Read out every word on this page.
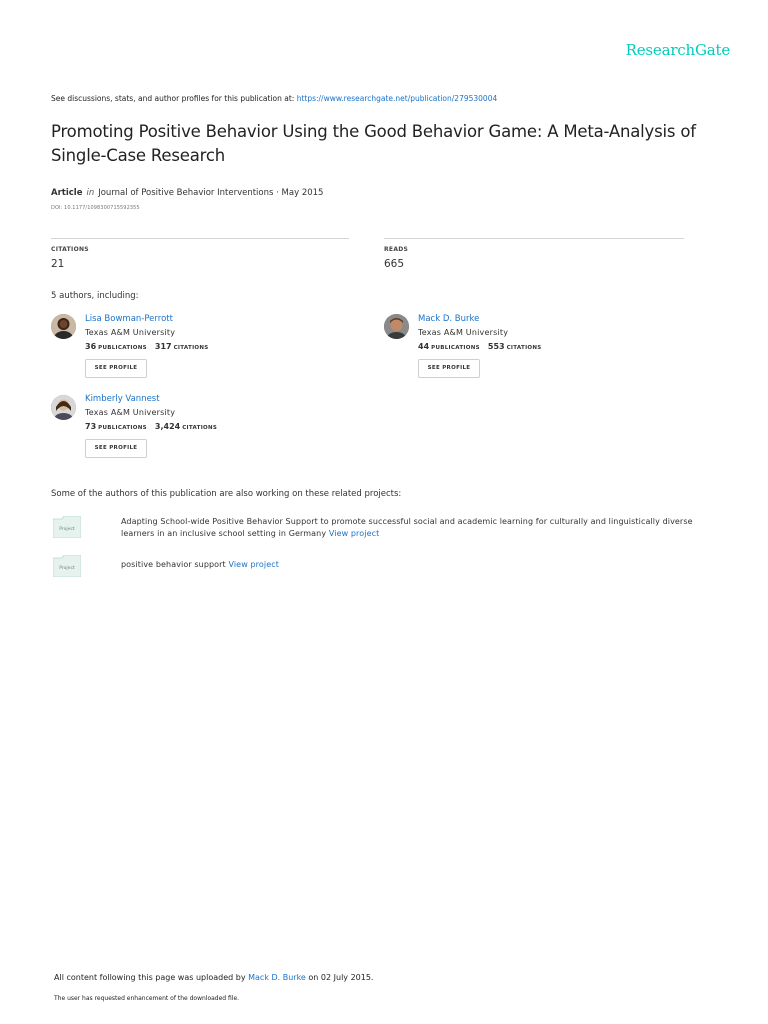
ResearchGate
See discussions, stats, and author profiles for this publication at: https://www.researchgate.net/publication/279530004
Promoting Positive Behavior Using the Good Behavior Game: A Meta-Analysis of Single-Case Research
Article in Journal of Positive Behavior Interventions · May 2015
DOI: 10.1177/1098300715592355
CITATIONS
21
READS
665
5 authors, including:
Lisa Bowman-Perrott
Texas A&M University
36 PUBLICATIONS 317 CITATIONS
SEE PROFILE
Mack D. Burke
Texas A&M University
44 PUBLICATIONS 553 CITATIONS
SEE PROFILE
Kimberly Vannest
Texas A&M University
73 PUBLICATIONS 3,424 CITATIONS
SEE PROFILE
Some of the authors of this publication are also working on these related projects:
Project
Adapting School-wide Positive Behavior Support to promote successful social and academic learning for culturally and linguistically diverse learners in an inclusive school setting in Germany View project
Project	positive behavior support View project
All content following this page was uploaded by Mack D. Burke on 02 July 2015.
The user has requested enhancement of the downloaded file.
